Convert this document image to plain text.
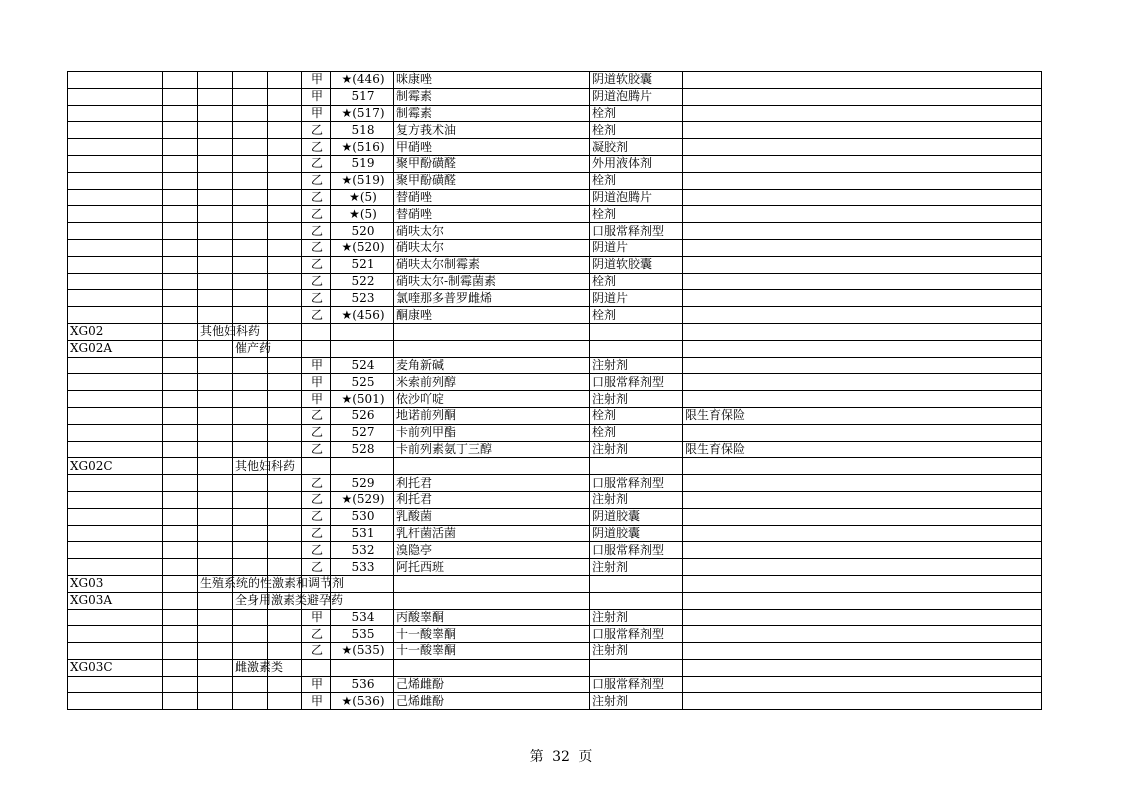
					甲	★(446)	咪康唑	阴道软胶囊	
					甲	517	制霉素	阴道泡腾片	
					甲	★(517)	制霉素	栓剂	
					乙	518	复方莪术油	栓剂	
					乙	★(516)	甲硝唑	凝胶剂	
					乙	519	聚甲酚磺醛	外用液体剂	
					乙	★(519)	聚甲酚磺醛	栓剂	
					乙	★(5)	替硝唑	阴道泡腾片	
					乙	★(5)	替硝唑	栓剂	
					乙	520	硝呋太尔	口服常释剂型	
					乙	★(520)	硝呋太尔	阴道片	
					乙	521	硝呋太尔制霉素	阴道软胶囊	
					乙	522	硝呋太尔-制霉菌素	栓剂	
					乙	523	氯喹那多普罗雌烯	阴道片	
					乙	★(456)	酮康唑	栓剂	
XG02		其他妇科药							
XG02A			催产药						
					甲	524	麦角新碱	注射剂	
					甲	525	米索前列醇	口服常释剂型	
					甲	★(501)	依沙吖啶	注射剂	
					乙	526	地诺前列酮	栓剂	限生育保险
					乙	527	卡前列甲酯	栓剂	
					乙	528	卡前列素氨丁三醇	注射剂	限生育保险
XG02C			其他妇科药						
					乙	529	利托君	口服常释剂型	
					乙	★(529)	利托君	注射剂	
					乙	530	乳酸菌	阴道胶囊	
					乙	531	乳杆菌活菌	阴道胶囊	
					乙	532	溴隐亭	口服常释剂型	
					乙	533	阿托西班	注射剂	
XG03		生殖系统的性激素和调节剂							
XG03A			全身用激素类避孕药						
					甲	534	丙酸睾酮	注射剂	
					乙	535	十一酸睾酮	口服常释剂型	
					乙	★(535)	十一酸睾酮	注射剂	
XG03C			雌激素类						
					甲	536	己烯雌酚	口服常释剂型	
					甲	★(536)	己烯雌酚	注射剂	
第 32 页
